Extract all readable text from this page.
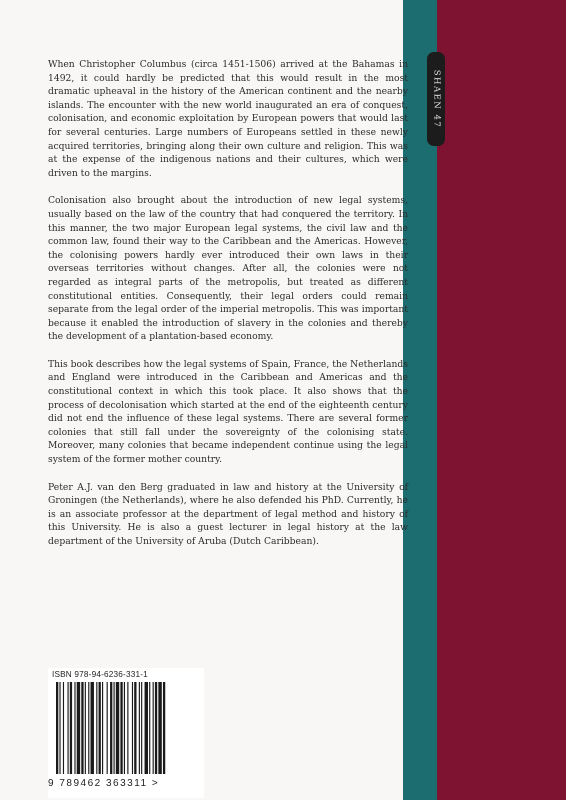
SHAEN 47

When Christopher Columbus (circa 1451-1506) arrived at the Bahamas in 1492, it could hardly be predicted that this would result in the most dramatic upheaval in the history of the American continent and the nearby islands. The encounter with the new world inaugurated an era of conquest, colonisation, and economic exploitation by European powers that would last for several centuries. Large numbers of Europeans settled in these newly acquired territories, bringing along their own culture and religion. This was at the expense of the indigenous nations and their cultures, which were driven to the margins.

Colonisation also brought about the introduction of new legal systems, usually based on the law of the country that had conquered the territory. In this manner, the two major European legal systems, the civil law and the common law, found their way to the Caribbean and the Americas. However, the colonising powers hardly ever introduced their own laws in their overseas territories without changes. After all, the colonies were not regarded as integral parts of the metropolis, but treated as different constitutional entities. Consequently, their legal orders could remain separate from the legal order of the imperial metropolis. This was important because it enabled the introduction of slavery in the colonies and thereby the development of a plantation-based economy.

This book describes how the legal systems of Spain, France, the Netherlands and England were introduced in the Caribbean and Americas and the constitutional context in which this took place. It also shows that the process of decolonisation which started at the end of the eighteenth century did not end the influence of these legal systems. There are several former colonies that still fall under the sovereignty of the colonising state. Moreover, many colonies that became independent continue using the legal system of the former mother country.

Peter A.J. van den Berg graduated in law and history at the University of Groningen (the Netherlands), where he also defended his PhD. Currently, he is an associate professor at the department of legal method and history of this University. He is also a guest lecturer in legal history at the law department of the University of Aruba (Dutch Caribbean).

ISBN 978-94-6236-331-1
9 789462 363311 >
